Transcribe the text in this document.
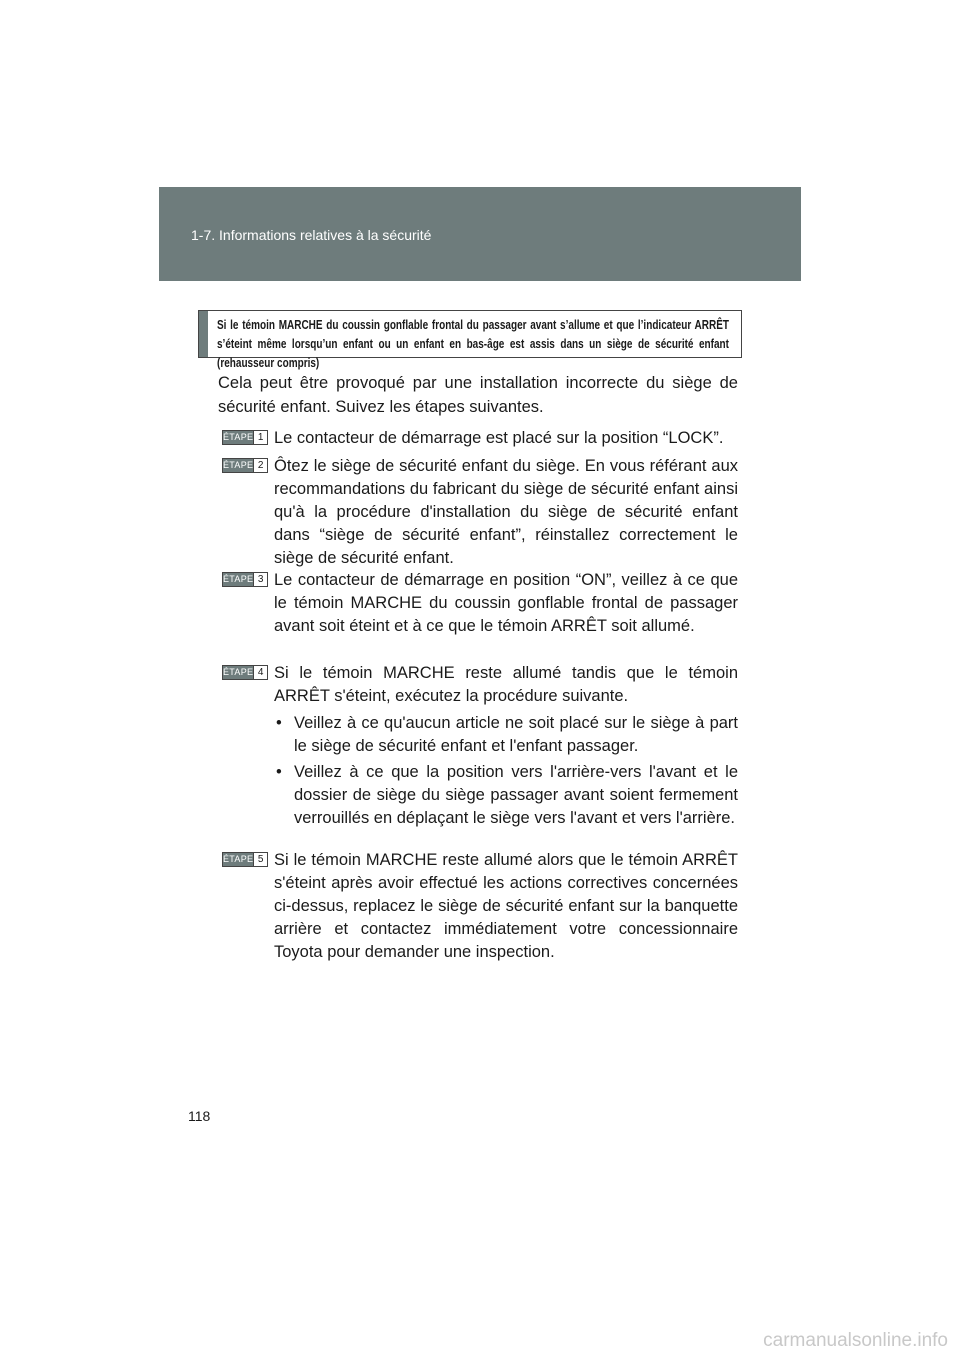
1-7. Informations relatives à la sécurité
Si le témoin MARCHE du coussin gonflable frontal du passager avant s’allume et que l’indicateur ARRÊT s’éteint même lorsqu’un enfant ou un enfant en bas-âge est assis dans un siège de sécurité enfant (rehausseur compris)
Cela peut être provoqué par une installation incorrecte du siège de sécurité enfant. Suivez les étapes suivantes.
ÉTAPE 1 Le contacteur de démarrage est placé sur la position “LOCK”.
ÉTAPE 2 Ôtez le siège de sécurité enfant du siège. En vous référant aux recommandations du fabricant du siège de sécurité enfant ainsi qu'à la procédure d'installation du siège de sécurité enfant dans “siège de sécurité enfant”, réinstallez correctement le siège de sécurité enfant.
ÉTAPE 3 Le contacteur de démarrage en position “ON”, veillez à ce que le témoin MARCHE du coussin gonflable frontal de passager avant soit éteint et à ce que le témoin ARRÊT soit allumé.
ÉTAPE 4 Si le témoin MARCHE reste allumé tandis que le témoin ARRÊT s'éteint, exécutez la procédure suivante.
• Veillez à ce qu'aucun article ne soit placé sur le siège à part le siège de sécurité enfant et l'enfant passager.
• Veillez à ce que la position vers l'arrière-vers l'avant et le dossier de siège du siège passager avant soient fermement verrouillés en déplaçant le siège vers l'avant et vers l'arrière.
ÉTAPE 5 Si le témoin MARCHE reste allumé alors que le témoin ARRÊT s'éteint après avoir effectué les actions correctives concernées ci-dessus, replacez le siège de sécurité enfant sur la banquette arrière et contactez immédiatement votre concessionnaire Toyota pour demander une inspection.
118
carmanualsonline.info
